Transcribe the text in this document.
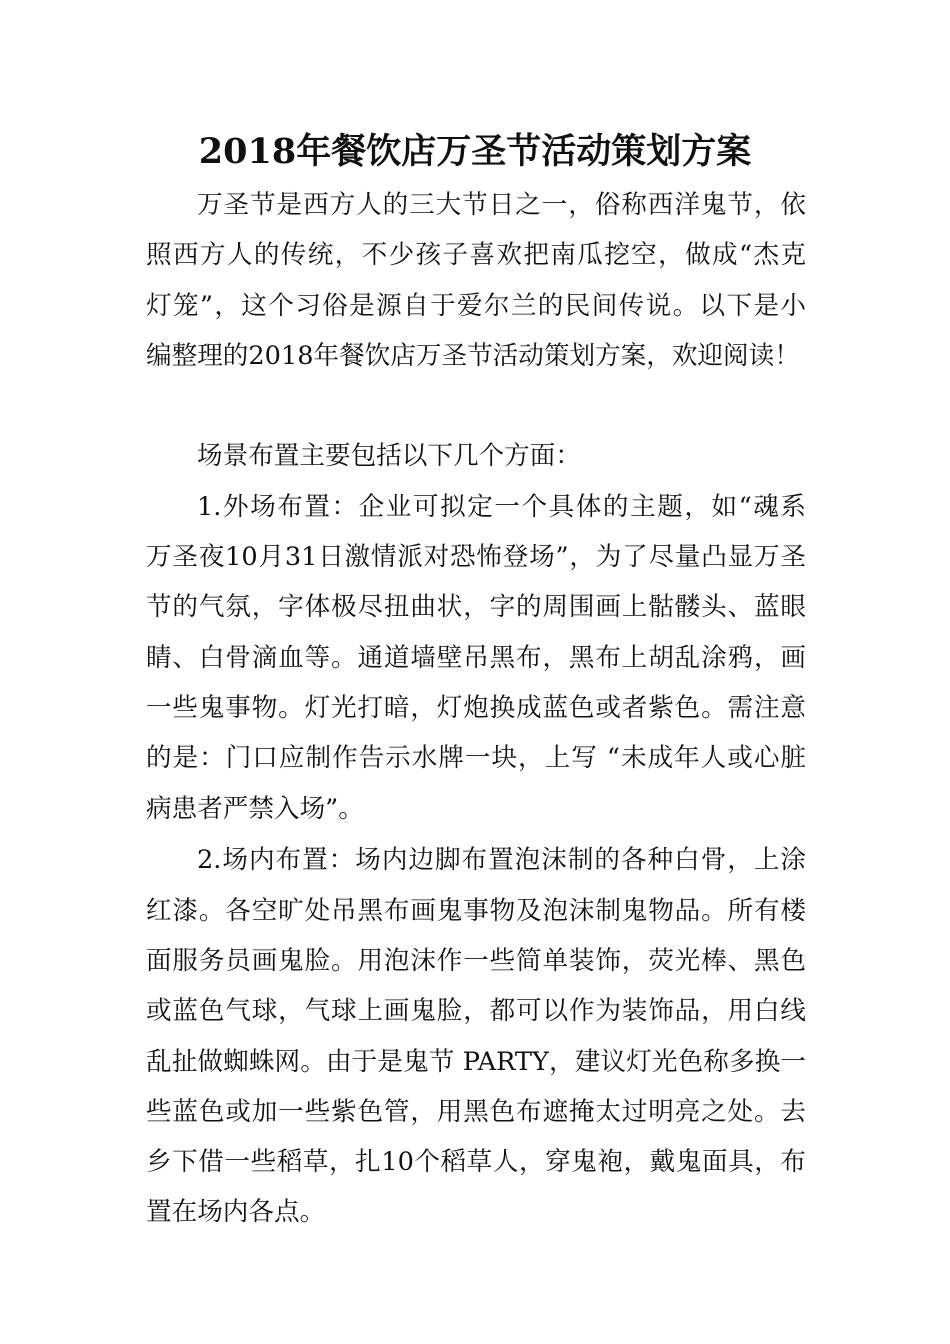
2018年餐饮店万圣节活动策划方案
万圣节是西方人的三大节日之一，俗称西洋鬼节，依
照西方人的传统，不少孩子喜欢把南瓜挖空，做成“杰克
灯笼”，这个习俗是源自于爱尔兰的民间传说。以下是小
编整理的2018年餐饮店万圣节活动策划方案，欢迎阅读！
场景布置主要包括以下几个方面：
1.外场布置：企业可拟定一个具体的主题，如“魂系
万圣夜10月31日激情派对恐怖登场”，为了尽量凸显万圣
节的气氛，字体极尽扭曲状，字的周围画上骷髅头、蓝眼
睛、白骨滴血等。通道墙壁吊黑布，黑布上胡乱涂鸦，画
一些鬼事物。灯光打暗，灯炮换成蓝色或者紫色。需注意
的是：门口应制作告示水牌一块，上写 “未成年人或心脏
病患者严禁入场”。
2.场内布置：场内边脚布置泡沫制的各种白骨，上涂
红漆。各空旷处吊黑布画鬼事物及泡沫制鬼物品。所有楼
面服务员画鬼脸。用泡沫作一些简单装饰，荧光棒、黑色
或蓝色气球，气球上画鬼脸，都可以作为装饰品，用白线
乱扯做蜘蛛网。由于是鬼节 PARTY，建议灯光色称多换一
些蓝色或加一些紫色管，用黑色布遮掩太过明亮之处。去
乡下借一些稻草，扎10个稻草人，穿鬼袍，戴鬼面具，布
置在场内各点。
